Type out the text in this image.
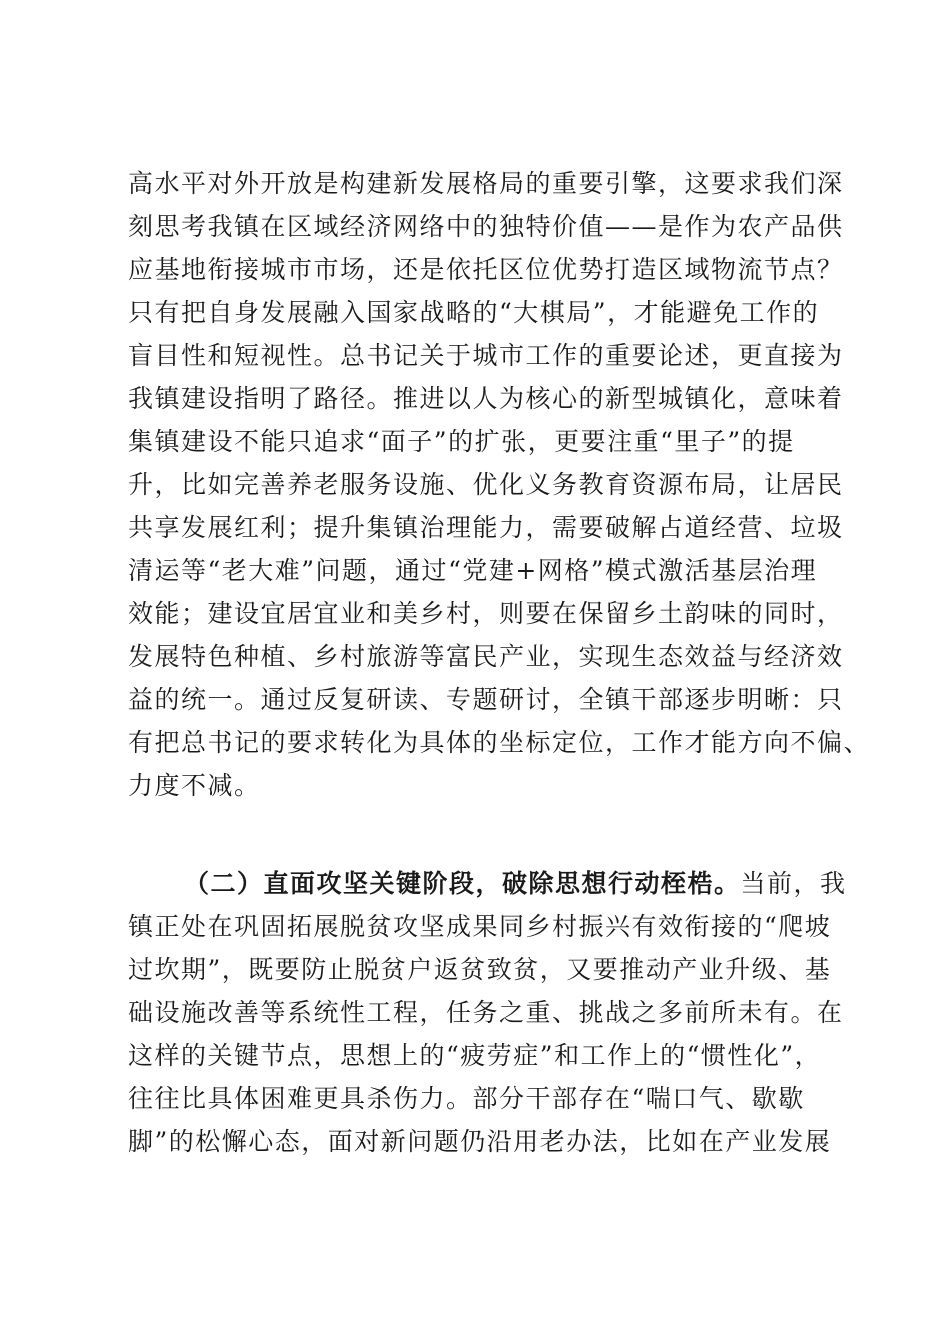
高水平对外开放是构建新发展格局的重要引擎，这要求我们深
刻思考我镇在区域经济网络中的独特价值——是作为农产品供
应基地衔接城市市场，还是依托区位优势打造区域物流节点？
只有把自身发展融入国家战略的“大棋局”，才能避免工作的
盲目性和短视性。总书记关于城市工作的重要论述，更直接为
我镇建设指明了路径。推进以人为核心的新型城镇化，意味着
集镇建设不能只追求“面子”的扩张，更要注重“里子”的提
升，比如完善养老服务设施、优化义务教育资源布局，让居民
共享发展红利；提升集镇治理能力，需要破解占道经营、垃圾
清运等“老大难”问题，通过“党建+网格”模式激活基层治理
效能；建设宜居宜业和美乡村，则要在保留乡土韵味的同时，
发展特色种植、乡村旅游等富民产业，实现生态效益与经济效
益的统一。通过反复研读、专题研讨，全镇干部逐步明晰：只
有把总书记的要求转化为具体的坐标定位，工作才能方向不偏、
力度不减。
（二）直面攻坚关键阶段，破除思想行动桎梏。当前，我
镇正处在巩固拓展脱贫攻坚成果同乡村振兴有效衔接的“爬坡
过坎期”，既要防止脱贫户返贫致贫，又要推动产业升级、基
础设施改善等系统性工程，任务之重、挑战之多前所未有。在
这样的关键节点，思想上的“疲劳症”和工作上的“惯性化”，
往往比具体困难更具杀伤力。部分干部存在“喘口气、歇歇
脚”的松懈心态，面对新问题仍沿用老办法，比如在产业发展
